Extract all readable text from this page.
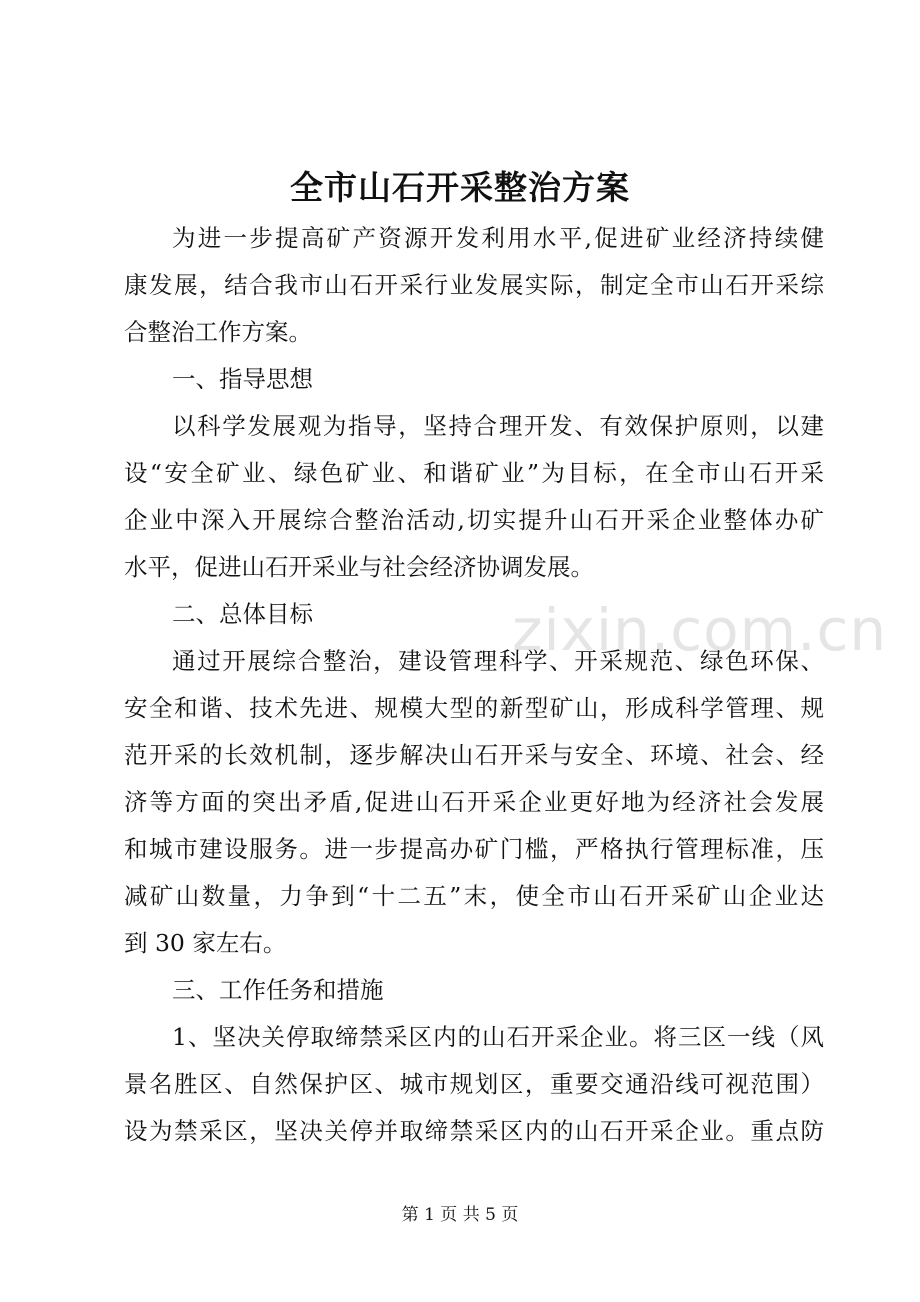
全市山石开采整治方案
zixin.com.cn
为进一步提高矿产资源开发利用水平,促进矿业经济持续健
康发展，结合我市山石开采行业发展实际，制定全市山石开采综
合整治工作方案。
一、指导思想
以科学发展观为指导，坚持合理开发、有效保护原则，以建
设“安全矿业、绿色矿业、和谐矿业”为目标，在全市山石开采
企业中深入开展综合整治活动,切实提升山石开采企业整体办矿
水平，促进山石开采业与社会经济协调发展。
二、总体目标
通过开展综合整治，建设管理科学、开采规范、绿色环保、
安全和谐、技术先进、规模大型的新型矿山，形成科学管理、规
范开采的长效机制，逐步解决山石开采与安全、环境、社会、经
济等方面的突出矛盾,促进山石开采企业更好地为经济社会发展
和城市建设服务。进一步提高办矿门槛，严格执行管理标准，压
减矿山数量，力争到“十二五”末，使全市山石开采矿山企业达
到 30 家左右。
三、工作任务和措施
1、坚决关停取缔禁采区内的山石开采企业。将三区一线（风
景名胜区、自然保护区、城市规划区，重要交通沿线可视范围）
设为禁采区，坚决关停并取缔禁采区内的山石开采企业。重点防
第 1 页 共 5 页
